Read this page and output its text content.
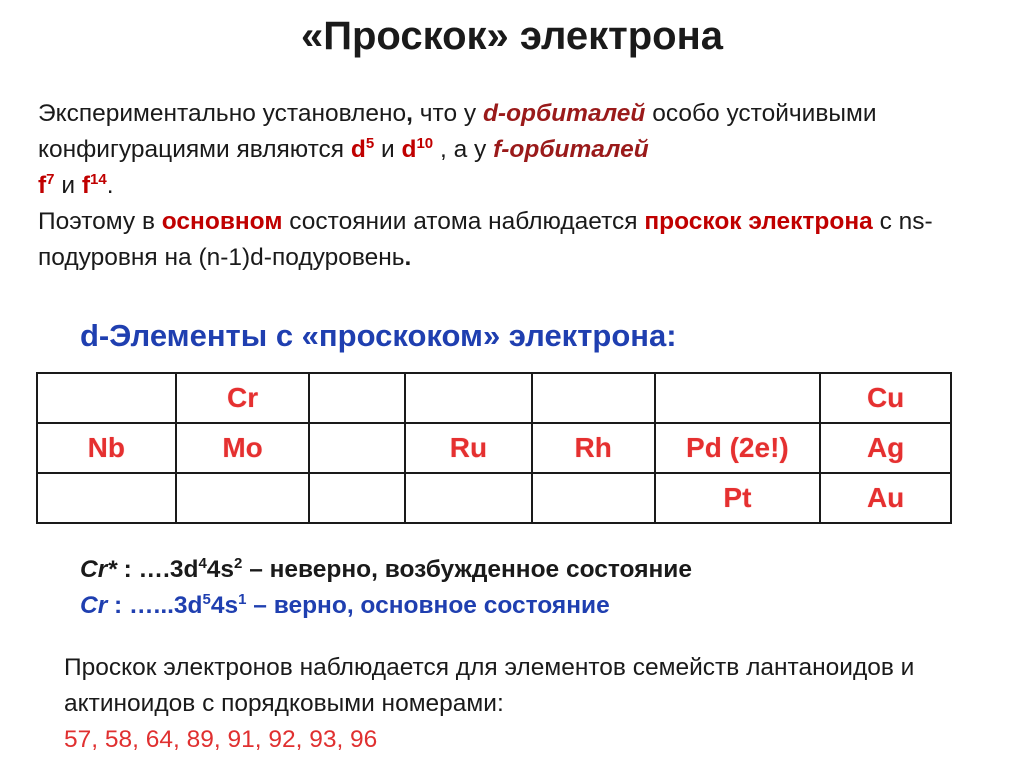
«Проскок» электрона
Экспериментально установлено, что у d-орбиталей особо устойчивыми конфигурациями являются $d^5$ и $d^{10}$ , а у f-орбиталей
$f^7$ и $f^{14}$.
Поэтому в основном состоянии атома наблюдается проскок электрона с ns-подуровня на (n-1)d-подуровень.
d-Элементы с «проскоком» электрона:
	Cr					Cu
Nb	Mo		Ru	Rh	Pd (2e!)	Ag
					Pt	Au
Cr* : $\dots.3d^44s^2$ – неверно, возбужденное состояние
Cr : $\dots...3d^54s^1$ – верно, основное состояние
Проскок электронов наблюдается для элементов семейств лантаноидов и актиноидов с порядковыми номерами:
57, 58, 64, 89, 91, 92, 93, 96
